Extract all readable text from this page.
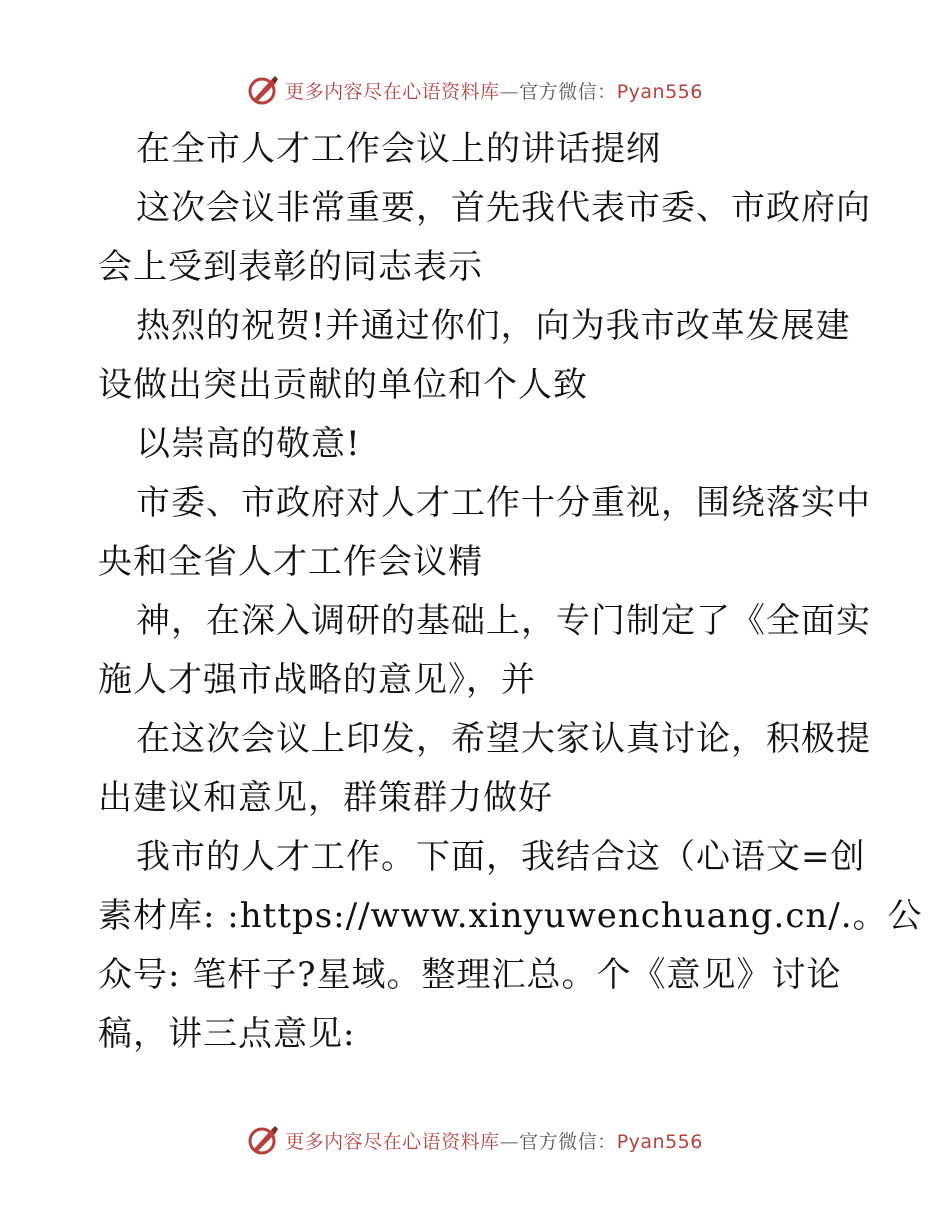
更多内容尽在心语资料库—官方微信：Pyan556
在全市人才工作会议上的讲话提纲
这次会议非常重要，首先我代表市委、市政府向
会上受到表彰的同志表示
热烈的祝贺!并通过你们，向为我市改革发展建
设做出突出贡献的单位和个人致
以崇高的敬意!
市委、市政府对人才工作十分重视，围绕落实中
央和全省人才工作会议精
神，在深入调研的基础上，专门制定了《全面实
施人才强市战略的意见》，并
在这次会议上印发，希望大家认真讨论，积极提
出建议和意见，群策群力做好
我市的人才工作。下面，我结合这（心语文=创
素材库: :https://www.xinyuwenchuang.cn/.。公
众号: 笔杆子?星域。整理汇总。个《意见》讨论
稿，讲三点意见:
更多内容尽在心语资料库—官方微信：Pyan556
